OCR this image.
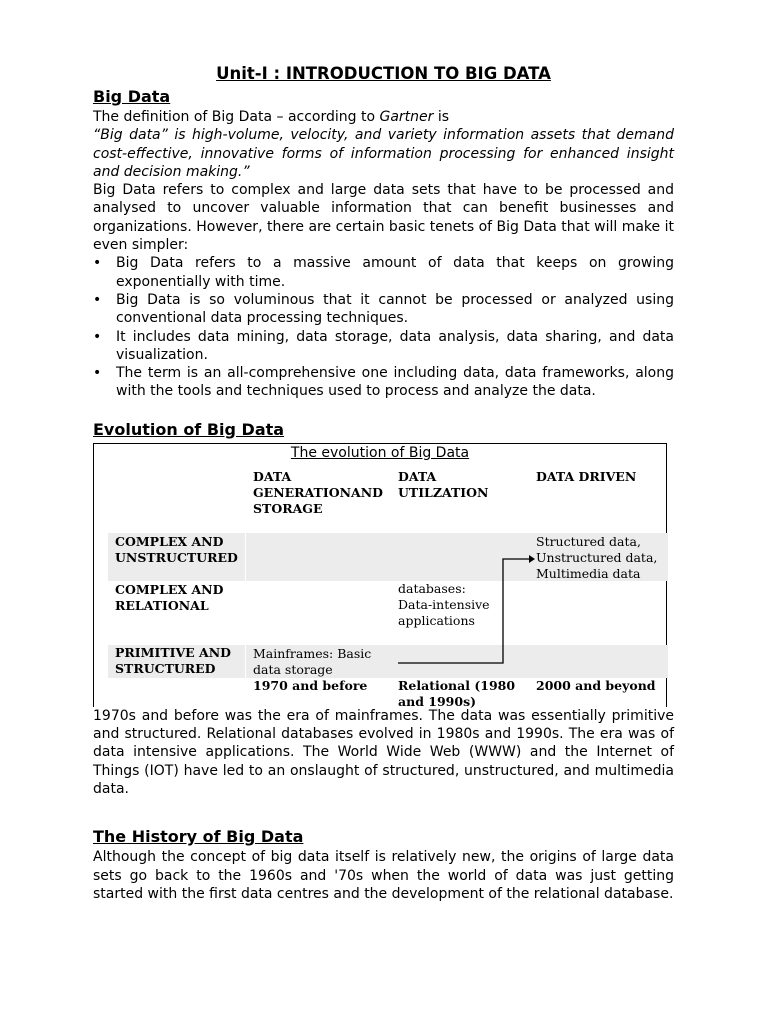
Unit-I : INTRODUCTION TO BIG DATA
Big Data

The definition of Big Data – according to Gartner is

“Big data” is high-volume, velocity, and variety information assets that demand cost-effective, innovative forms of information processing for enhanced insight and decision making.”

Big Data refers to complex and large data sets that have to be processed and analysed to uncover valuable information that can benefit businesses and organizations. However, there are certain basic tenets of Big Data that will make it even simpler:

• Big Data refers to a massive amount of data that keeps on growing exponentially with time.
• Big Data is so voluminous that it cannot be processed or analyzed using conventional data processing techniques.
• It includes data mining, data storage, data analysis, data sharing, and data visualization.
• The term is an all-comprehensive one including data, data frameworks, along with the tools and techniques used to process and analyze the data.
Evolution of Big Data
The evolution of Big Data
DATA
GENERATIONAND
STORAGE
DATA
UTILZATION
DATA DRIVEN
COMPLEX AND
UNSTRUCTURED
COMPLEX AND
RELATIONAL
PRIMITIVE AND
STRUCTURED
Structured data,
Unstructured data,
Multimedia data
databases:
Data-intensive
applications
Mainframes: Basic
data storage
1970 and before Relational (1980
and 1990s)
2000 and beyond

1970s and before was the era of mainframes. The data was essentially primitive and structured. Relational databases evolved in 1980s and 1990s. The era was of data intensive applications. The World Wide Web (WWW) and the Internet of Things (IOT) have led to an onslaught of structured, unstructured, and multimedia data.

The History of Big Data

Although the concept of big data itself is relatively new, the origins of large data sets go back to the 1960s and '70s when the world of data was just getting started with the first data centres and the development of the relational database.
